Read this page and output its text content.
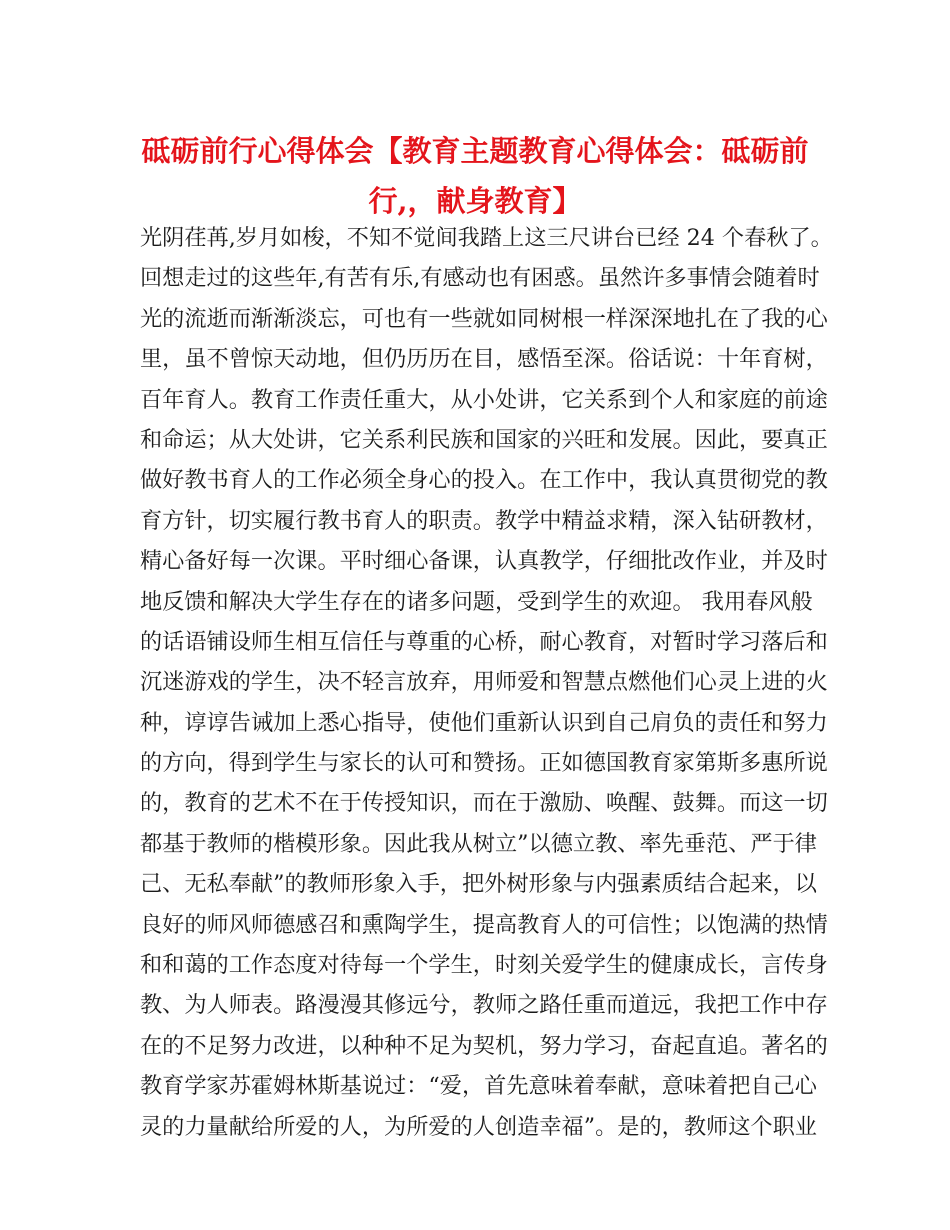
砥砺前行心得体会【教育主题教育心得体会：砥砺前
行,，献身教育】
光阴荏苒,岁月如梭，不知不觉间我踏上这三尺讲台已经 24 个春秋了。
回想走过的这些年,有苦有乐,有感动也有困惑。虽然许多事情会随着时
光的流逝而渐渐淡忘，可也有一些就如同树根一样深深地扎在了我的心
里，虽不曾惊天动地，但仍历历在目，感悟至深。俗话说：十年育树，
百年育人。教育工作责任重大，从小处讲，它关系到个人和家庭的前途
和命运；从大处讲，它关系利民族和国家的兴旺和发展。因此，要真正
做好教书育人的工作必须全身心的投入。在工作中，我认真贯彻党的教
育方针，切实履行教书育人的职责。教学中精益求精，深入钻研教材，
精心备好每一次课。平时细心备课，认真教学，仔细批改作业，并及时
地反馈和解决大学生存在的诸多问题，受到学生的欢迎。 我用春风般
的话语铺设师生相互信任与尊重的心桥，耐心教育，对暂时学习落后和
沉迷游戏的学生，决不轻言放弃，用师爱和智慧点燃他们心灵上进的火
种，谆谆告诫加上悉心指导，使他们重新认识到自己肩负的责任和努力
的方向，得到学生与家长的认可和赞扬。正如德国教育家第斯多惠所说
的，教育的艺术不在于传授知识，而在于激励、唤醒、鼓舞。而这一切
都基于教师的楷模形象。因此我从树立”以德立教、率先垂范、严于律
己、无私奉献”的教师形象入手，把外树形象与内强素质结合起来，以
良好的师风师德感召和熏陶学生，提高教育人的可信性；以饱满的热情
和和蔼的工作态度对待每一个学生，时刻关爱学生的健康成长，言传身
教、为人师表。路漫漫其修远兮，教师之路任重而道远，我把工作中存
在的不足努力改进，以种种不足为契机，努力学习，奋起直追。著名的
教育学家苏霍姆林斯基说过：“爱，首先意味着奉献，意味着把自己心
灵的力量献给所爱的人，为所爱的人创造幸福”。是的，教师这个职业
